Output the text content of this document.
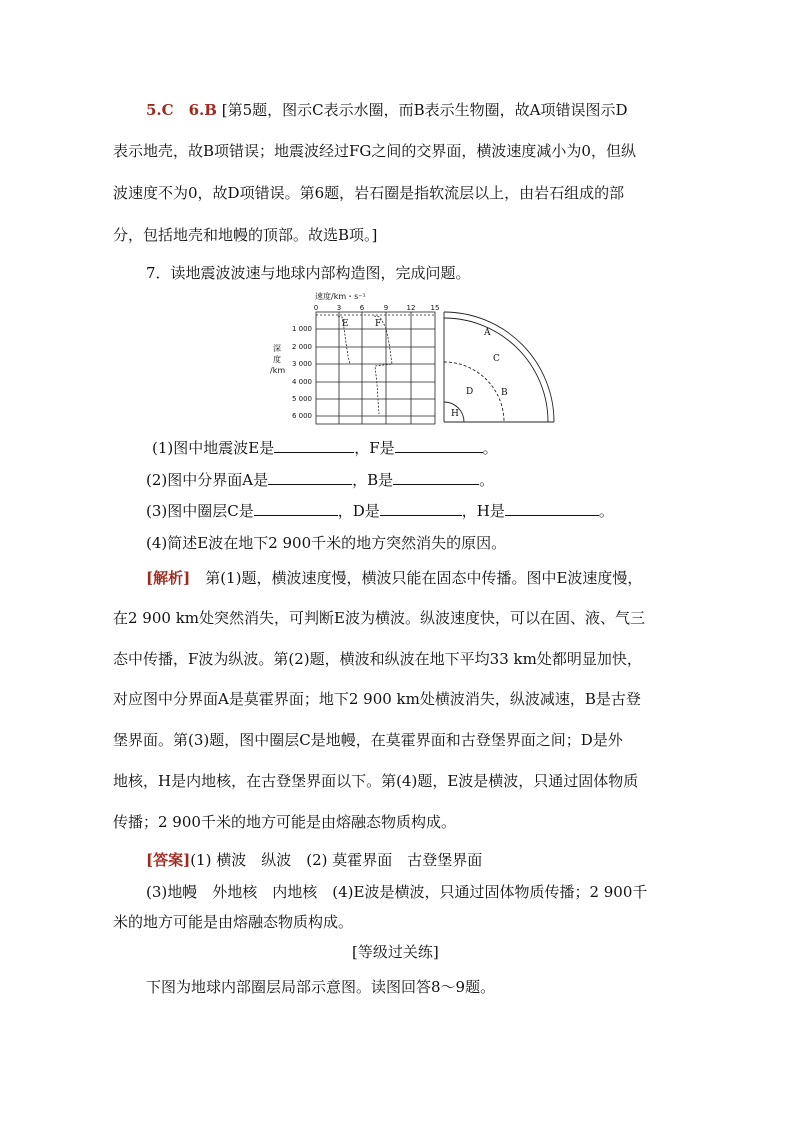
5.C　6.B [第5题，图示C表示水圈，而B表示生物圈，故A项错误图示D
表示地壳，故B项错误；地震波经过FG之间的交界面，横波速度减小为0，但纵
波速度不为0，故D项错误。第6题，岩石圈是指软流层以上，由岩石组成的部
分，包括地壳和地幔的顶部。故选B项。]
7．读地震波波速与地球内部构造图，完成问题。
速度/km・s⁻¹
0	3	6	9	12 15
1 000
2 000
3 000
4 000
5 000
6 000
深
度
/km
E	F
A
C
D	B
H
(1)图中地震波E是	，F是	。
(2)图中分界面A是	，B是	。
(3)图中圈层C是	，D是	，H是	。
(4)简述E波在地下2 900千米的地方突然消失的原因。
[解析]　第(1)题，横波速度慢，横波只能在固态中传播。图中E波速度慢，
在2 900 km处突然消失，可判断E波为横波。纵波速度快，可以在固、液、气三
态中传播，F波为纵波。第(2)题，横波和纵波在地下平均33 km处都明显加快，
对应图中分界面A是莫霍界面；地下2 900 km处横波消失，纵波减速，B是古登
堡界面。第(3)题，图中圈层C是地幔，在莫霍界面和古登堡界面之间；D是外
地核，H是内地核，在古登堡界面以下。第(4)题，E波是横波，只通过固体物质
传播；2 900千米的地方可能是由熔融态物质构成。
[答案](1) 横波　纵波　(2) 莫霍界面　古登堡界面
(3)地幔　外地核　内地核　(4)E波是横波，只通过固体物质传播；2 900千
米的地方可能是由熔融态物质构成。
[等级过关练]
下图为地球内部圈层局部示意图。读图回答8～9题。
